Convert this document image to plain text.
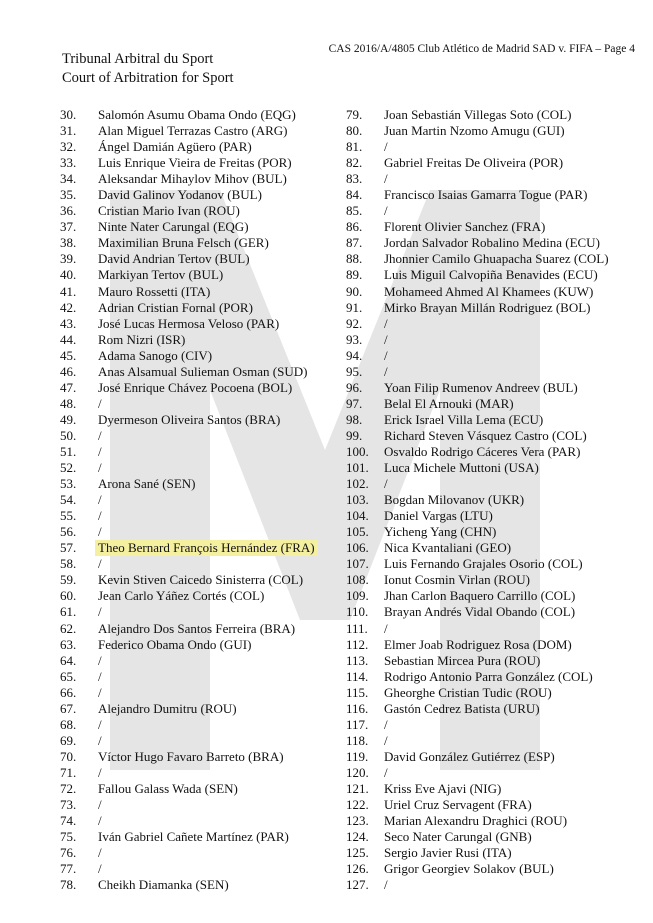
Tribunal Arbitral du Sport
Court of Arbitration for Sport
CAS 2016/A/4805 Club Atlético de Madrid SAD v. FIFA – Page 4
30.	Salomón Asumu Obama Ondo (EQG)
31.	Alan Miguel Terrazas Castro (ARG)
32.	Ángel Damián Agüero (PAR)
33.	Luis Enrique Vieira de Freitas (POR)
34.	Aleksandar Mihaylov Mihov (BUL)
35.	David Galinov Yodanov (BUL)
36.	Cristian Mario Ivan (ROU)
37.	Ninte Nater Carungal (EQG)
38.	Maximilian Bruna Felsch (GER)
39.	David Andrian Tertov (BUL)
40.	Markiyan Tertov (BUL)
41.	Mauro Rossetti (ITA)
42.	Adrian Cristian Fornal (POR)
43.	José Lucas Hermosa Veloso (PAR)
44.	Rom Nizri (ISR)
45.	Adama Sanogo (CIV)
46.	Anas Alsamual Sulieman Osman (SUD)
47.	José Enrique Chávez Pocoena (BOL)
48.	/
49.	Dyermeson Oliveira Santos (BRA)
50.	/
51.	/
52.	/
53.	Arona Sané (SEN)
54.	/
55.	/
56.	/
57.	Theo Bernard François Hernández (FRA)
58.	/
59.	Kevin Stiven Caicedo Sinisterra (COL)
60.	Jean Carlo Yáñez Cortés (COL)
61.	/
62.	Alejandro Dos Santos Ferreira (BRA)
63.	Federico Obama Ondo (GUI)
64.	/
65.	/
66.	/
67.	Alejandro Dumitru (ROU)
68.	/
69.	/
70.	Víctor Hugo Favaro Barreto (BRA)
71.	/
72.	Fallou Galass Wada (SEN)
73.	/
74.	/
75.	Iván Gabriel Cañete Martínez (PAR)
76.	/
77.	/
78.	Cheikh Diamanka (SEN)
79.	Joan Sebastián Villegas Soto (COL)
80.	Juan Martin Nzomo Amugu (GUI)
81.	/
82.	Gabriel Freitas De Oliveira (POR)
83.	/
84.	Francisco Isaias Gamarra Togue (PAR)
85.	/
86.	Florent Olivier Sanchez (FRA)
87.	Jordan Salvador Robalino Medina (ECU)
88.	Jhonnier Camilo Ghuapacha Suarez (COL)
89.	Luis Miguil Calvopiña Benavides (ECU)
90.	Mohameed Ahmed Al Khamees (KUW)
91.	Mirko Brayan Millán Rodriguez (BOL)
92.	/
93.	/
94.	/
95.	/
96.	Yoan Filip Rumenov Andreev (BUL)
97.	Belal El Arnouki (MAR)
98.	Erick Israel Villa Lema (ECU)
99.	Richard Steven Vásquez Castro (COL)
100.	Osvaldo Rodrigo Cáceres Vera (PAR)
101.	Luca Michele Muttoni (USA)
102.	/
103.	Bogdan Milovanov (UKR)
104.	Daniel Vargas (LTU)
105.	Yicheng Yang (CHN)
106.	Nica Kvantaliani (GEO)
107.	Luis Fernando Grajales Osorio (COL)
108.	Ionut Cosmin Virlan (ROU)
109.	Jhan Carlon Baquero Carrillo (COL)
110.	Brayan Andrés Vidal Obando (COL)
111.	/
112.	Elmer Joab Rodriguez Rosa (DOM)
113.	Sebastian Mircea Pura (ROU)
114.	Rodrigo Antonio Parra González (COL)
115.	Gheorghe Cristian Tudic (ROU)
116.	Gastón Cedrez Batista (URU)
117.	/
118.	/
119.	David González Gutiérrez (ESP)
120.	/
121.	Kriss Eve Ajavi (NIG)
122.	Uriel Cruz Servagent (FRA)
123.	Marian Alexandru Draghici (ROU)
124.	Seco Nater Carungal (GNB)
125.	Sergio Javier Rusi (ITA)
126.	Grigor Georgiev Solakov (BUL)
127.	/
